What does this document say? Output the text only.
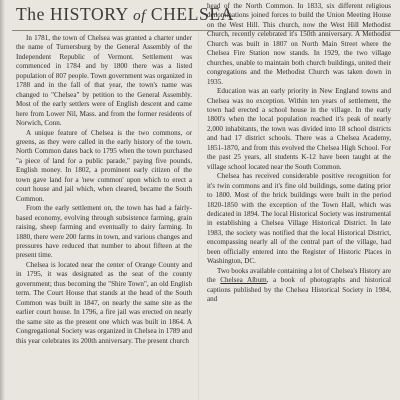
The HISTORY of CHELSEA

In 1781, the town of Chelsea was granted a charter under the name of Turnersburg by the General Assembly of the Independent Republic of Vermont. Settlement was commenced in 1784 and by 1800 there was a listed population of 807 people. Town government was organized in 1788 and in the fall of that year, the town's name was changed to "Chelsea" by petition to the General Assembly. Most of the early settlers were of English descent and came here from Lower Nil, Mass. and from the former residents of Norwich, Conn.

A unique feature of Chelsea is the two commons, or greens, as they were called in the early history of the town. North Common dates back to 1795 when the town purchased "a piece of land for a public parade," paying five pounds, English money. In 1802, a prominent early citizen of the town gave land for a 'new common' upon which to erect a court house and jail which, when cleared, became the South Common.

From the early settlement on, the town has had a fairly-based economy, evolving through subsistence farming, grain raising, sheep farming and eventually to dairy farming. In 1880, there were 200 farms in town, and various changes and pressures have reduced that number to about fifteen at the present time.

Chelsea is located near the center of Orange County and in 1795, it was designated as the seat of the county government; thus becoming the "Shire Town", an old English term. The Court House that stands at the head of the South Common was built in 1847, on nearly the same site as the earlier court house. In 1796, a fire jail was erected on nearly the same site as the present one which was built in 1864. A Congregational Society was organized in Chelsea in 1789 and this year celebrates its 200th anniversary. The present church

head of the North Common. In 1833, six different religious denominations joined forces to build the Union Meeting House on the West Hill. This church, now the West Hill Methodist Church, recently celebrated it's 150th anniversary. A Methodist Church was built in 1807 on North Main Street where the Chelsea Fire Station now stands. In 1929, the two village churches, unable to maintain both church buildings, united their congregations and the Methodist Church was taken down in 1935.

Education was an early priority in New England towns and Chelsea was no exception. Within ten years of settlement, the town had erected a school house in the village. In the early 1800's when the local population reached it's peak of nearly 2,000 inhabitants, the town was divided into 18 school districts and had 17 district schools. There was a Chelsea Academy, 1851-1870, and from this evolved the Chelsea High School. For the past 25 years, all students K-12 have been taught at the village school located near the South Common.

Chelsea has received considerable positive recognition for it's twin commons and it's fine old buildings, some dating prior to 1800. Most of the brick buildings were built in the period 1820-1850 with the exception of the Town Hall, which was dedicated in 1894. The local Historical Society was instrumental in establishing a Chelsea Village Historical District. In late 1983, the society was notified that the local Historical District, encompassing nearly all of the central part of the village, had been officially entered into the Register of Historic Places in Washington, DC.

Two books available containing a lot of Chelsea's History are the Chelsea Album, a book of photographs and historical captions published by the Chelsea Historical Society in 1984, and
